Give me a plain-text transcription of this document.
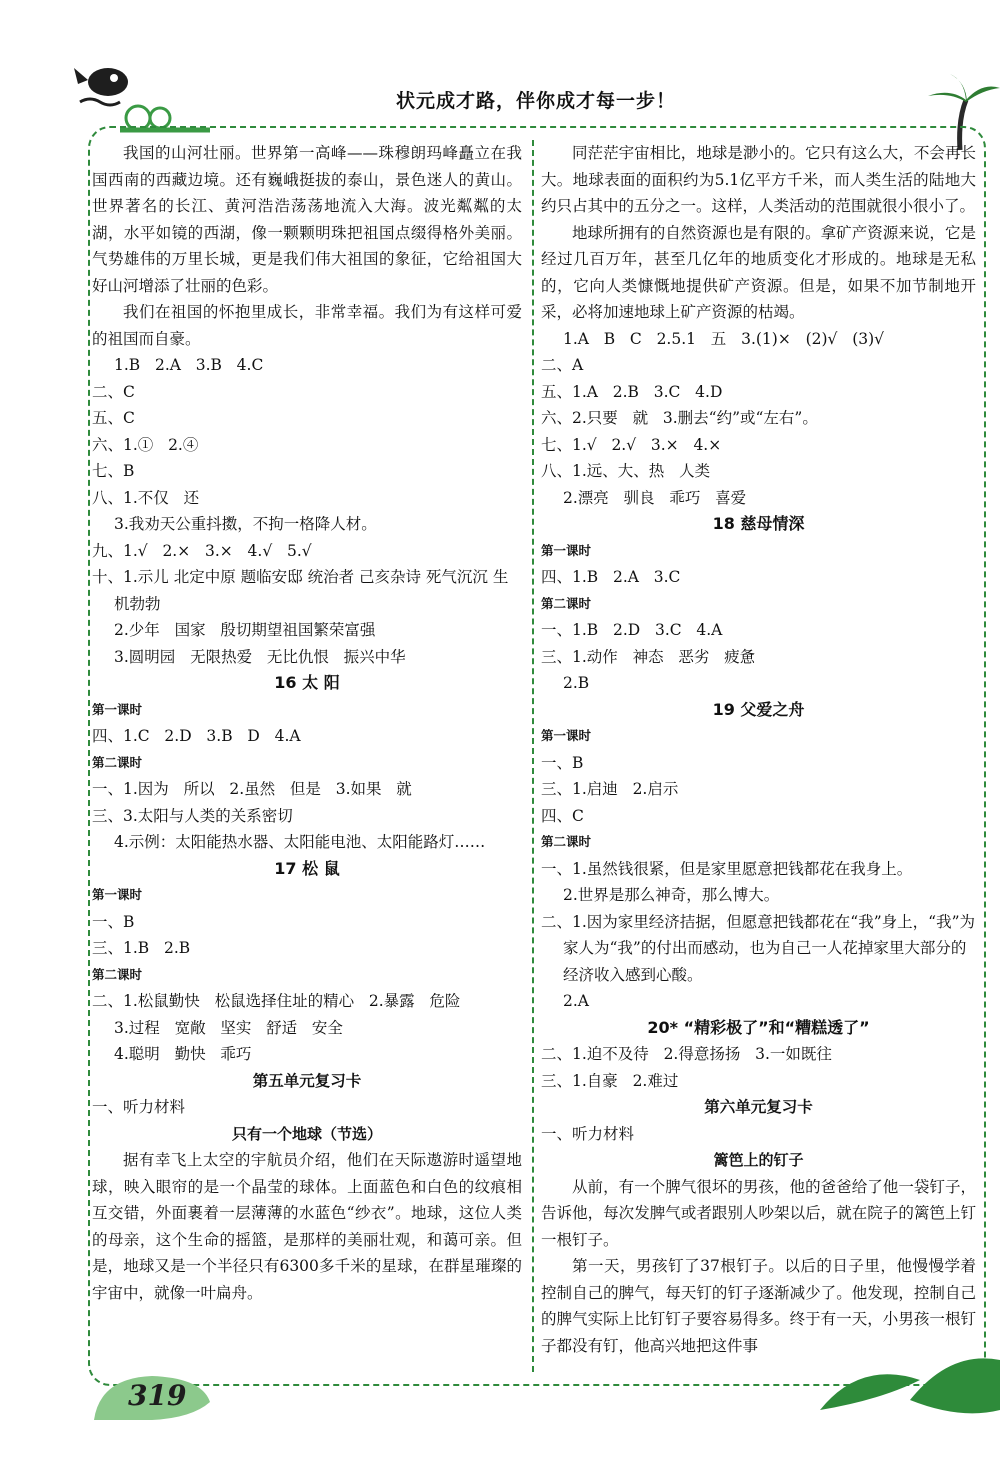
状元成才路，伴你成才每一步！

我国的山河壮丽。世界第一高峰——珠穆朗玛峰矗立在我国西南的西藏边境。还有巍峨挺拔的泰山，景色迷人的黄山。世界著名的长江、黄河浩浩荡荡地流入大海。波光粼粼的太湖，水平如镜的西湖，像一颗颗明珠把祖国点缀得格外美丽。气势雄伟的万里长城，更是我们伟大祖国的象征，它给祖国大好山河增添了壮丽的色彩。

我们在祖国的怀抱里成长，非常幸福。我们为有这样可爱的祖国而自豪。

1.B   2.A   3.B   4.C

二、C

五、C

六、1.①   2.④

七、B

八、1.不仅   还

3.我劝天公重抖擞，不拘一格降人材。

九、1.√   2.×   3.×   4.√   5.√

十、1.示儿 北定中原 题临安邸 统治者 己亥杂诗 死气沉沉 生机勃勃

2.少年   国家   殷切期望祖国繁荣富强

3.圆明园   无限热爱   无比仇恨   振兴中华

16 太 阳

第一课时

四、1.C   2.D   3.B   D   4.A

第二课时

一、1.因为   所以   2.虽然   但是   3.如果   就

三、3.太阳与人类的关系密切

4.示例：太阳能热水器、太阳能电池、太阳能路灯……

17 松 鼠

第一课时

一、B

三、1.B   2.B

第二课时

二、1.松鼠勤快   松鼠选择住址的精心   2.暴露   危险

3.过程   宽敞   坚实   舒适   安全

4.聪明   勤快   乖巧

第五单元复习卡

一、听力材料

只有一个地球（节选）

据有幸飞上太空的宇航员介绍，他们在天际遨游时遥望地球，映入眼帘的是一个晶莹的球体。上面蓝色和白色的纹痕相互交错，外面裹着一层薄薄的水蓝色“纱衣”。地球，这位人类的母亲，这个生命的摇篮，是那样的美丽壮观，和蔼可亲。但是，地球又是一个半径只有6300多千米的星球，在群星璀璨的宇宙中，就像一叶扁舟。

同茫茫宇宙相比，地球是渺小的。它只有这么大，不会再长大。地球表面的面积约为5.1亿平方千米，而人类生活的陆地大约只占其中的五分之一。这样，人类活动的范围就很小很小了。

地球所拥有的自然资源也是有限的。拿矿产资源来说，它是经过几百万年，甚至几亿年的地质变化才形成的。地球是无私的，它向人类慷慨地提供矿产资源。但是，如果不加节制地开采，必将加速地球上矿产资源的枯竭。

1.A   B   C   2.5.1   五   3.(1)×   (2)√   (3)√

二、A

五、1.A   2.B   3.C   4.D

六、2.只要   就   3.删去“约”或“左右”。

七、1.√   2.√   3.×   4.×

八、1.远、大、热   人类

2.漂亮   驯良   乖巧   喜爱

18 慈母情深

第一课时

四、1.B   2.A   3.C

第二课时

一、1.B   2.D   3.C   4.A

三、1.动作   神态   恶劣   疲惫

2.B

19 父爱之舟

第一课时

一、B

三、1.启迪   2.启示

四、C

第二课时

一、1.虽然钱很紧，但是家里愿意把钱都花在我身上。

2.世界是那么神奇，那么博大。

二、1.因为家里经济拮据，但愿意把钱都花在“我”身上，“我”为家人为“我”的付出而感动，也为自己一人花掉家里大部分的经济收入感到心酸。

2.A

20* “精彩极了”和“糟糕透了”

二、1.迫不及待   2.得意扬扬   3.一如既往

三、1.自豪   2.难过

第六单元复习卡

一、听力材料

篱笆上的钉子

从前，有一个脾气很坏的男孩，他的爸爸给了他一袋钉子，告诉他，每次发脾气或者跟别人吵架以后，就在院子的篱笆上钉一根钉子。

第一天，男孩钉了37根钉子。以后的日子里，他慢慢学着控制自己的脾气，每天钉的钉子逐渐减少了。他发现，控制自己的脾气实际上比钉钉子要容易得多。终于有一天，小男孩一根钉子都没有钉，他高兴地把这件事

319
